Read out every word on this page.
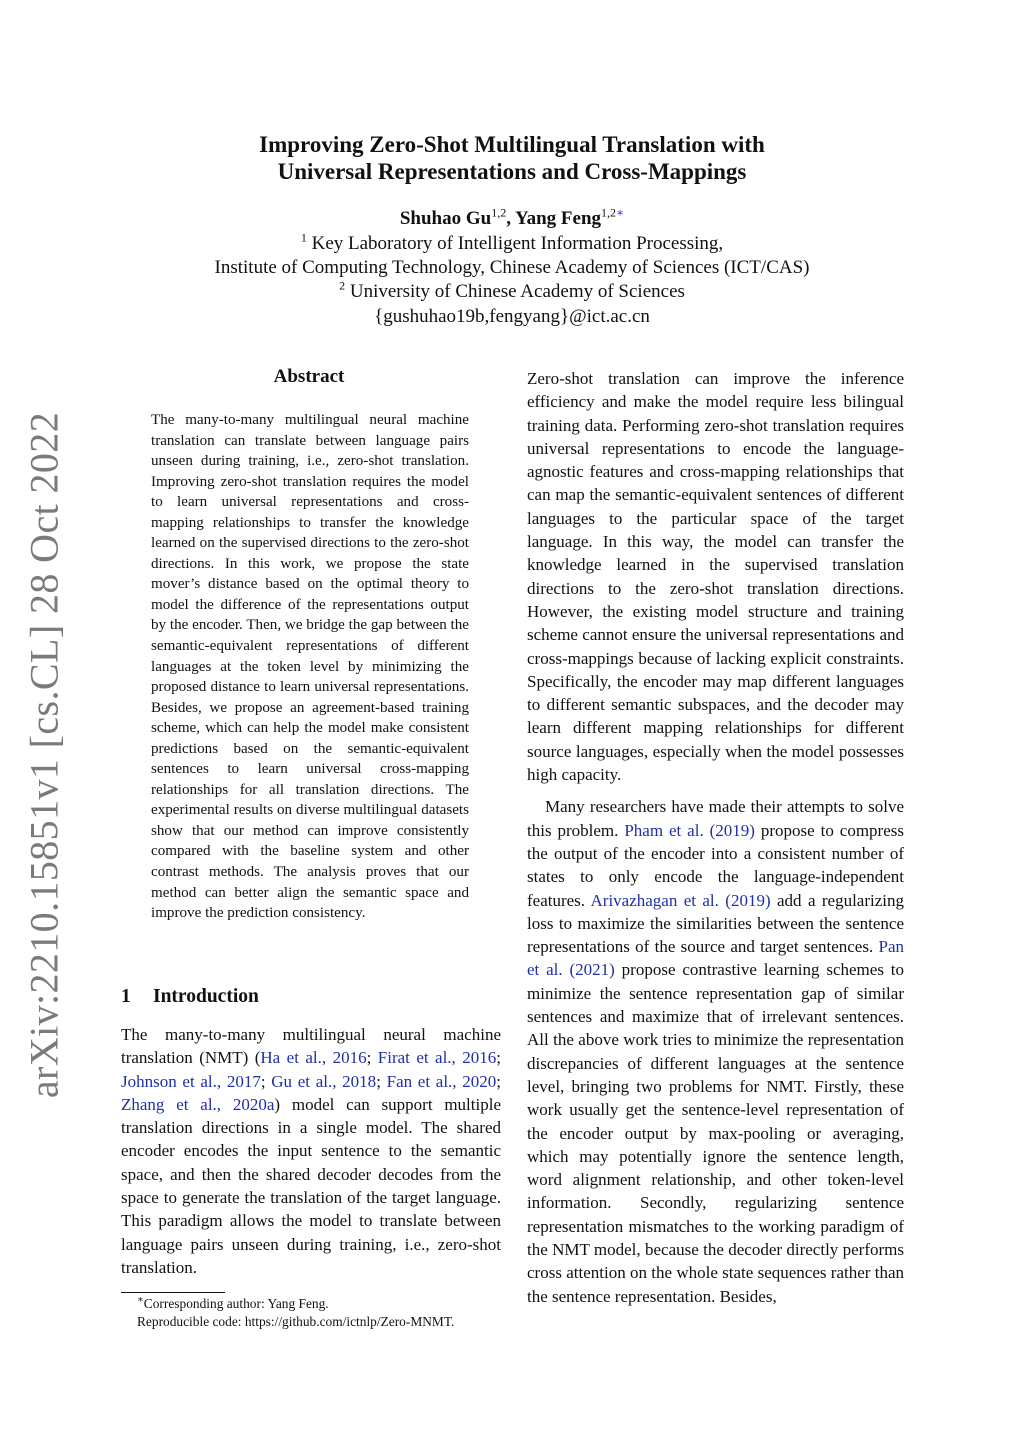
arXiv:2210.15851v1 [cs.CL] 28 Oct 2022
Improving Zero-Shot Multilingual Translation with
Universal Representations and Cross-Mappings
Shuhao Gu$^{1,2}$, Yang Feng$^{1,2∗}$
$^1$ Key Laboratory of Intelligent Information Processing,
Institute of Computing Technology, Chinese Academy of Sciences (ICT/CAS)
$^2$ University of Chinese Academy of Sciences
{gushuhao19b,fengyang}@ict.ac.cn
Abstract
The many-to-many multilingual neural machine translation can translate between language pairs unseen during training, i.e., zero-shot translation. Improving zero-shot translation requires the model to learn universal representations and cross-mapping relationships to transfer the knowledge learned on the supervised directions to the zero-shot directions. In this work, we propose the state mover’s distance based on the optimal theory to model the difference of the representations output by the encoder. Then, we bridge the gap between the semantic-equivalent representations of different languages at the token level by minimizing the proposed distance to learn universal representations. Besides, we propose an agreement-based training scheme, which can help the model make consistent predictions based on the semantic-equivalent sentences to learn universal cross-mapping relationships for all translation directions. The experimental results on diverse multilingual datasets show that our method can improve consistently compared with the baseline system and other contrast methods. The analysis proves that our method can better align the semantic space and improve the prediction consistency.
1 Introduction
The many-to-many multilingual neural machine translation (NMT) (Ha et al., 2016; Firat et al., 2016; Johnson et al., 2017; Gu et al., 2018; Fan et al., 2020; Zhang et al., 2020a) model can support multiple translation directions in a single model. The shared encoder encodes the input sentence to the semantic space, and then the shared decoder decodes from the space to generate the translation of the target language. This paradigm allows the model to translate between language pairs unseen during training, i.e., zero-shot translation.

Zero-shot translation can improve the inference efficiency and make the model require less bilingual training data. Performing zero-shot translation requires universal representations to encode the language-agnostic features and cross-mapping relationships that can map the semantic-equivalent sentences of different languages to the particular space of the target language. In this way, the model can transfer the knowledge learned in the supervised translation directions to the zero-shot translation directions. However, the existing model structure and training scheme cannot ensure the universal representations and cross-mappings because of lacking explicit constraints. Specifically, the encoder may map different languages to different semantic subspaces, and the decoder may learn different mapping relationships for different source languages, especially when the model possesses high capacity.

Many researchers have made their attempts to solve this problem. Pham et al. (2019) propose to compress the output of the encoder into a consistent number of states to only encode the language-independent features. Arivazhagan et al. (2019) add a regularizing loss to maximize the similarities between the sentence representations of the source and target sentences. Pan et al. (2021) propose contrastive learning schemes to minimize the sentence representation gap of similar sentences and maximize that of irrelevant sentences. All the above work tries to minimize the representation discrepancies of different languages at the sentence level, bringing two problems for NMT. Firstly, these work usually get the sentence-level representation of the encoder output by max-pooling or averaging, which may potentially ignore the sentence length, word alignment relationship, and other token-level information. Secondly, regularizing sentence representation mismatches to the working paradigm of the NMT model, because the decoder directly performs cross attention on the whole state sequences rather than the sentence representation. Besides,

∗Corresponding author: Yang Feng.
Reproducible code: https://github.com/ictnlp/Zero-MNMT.
